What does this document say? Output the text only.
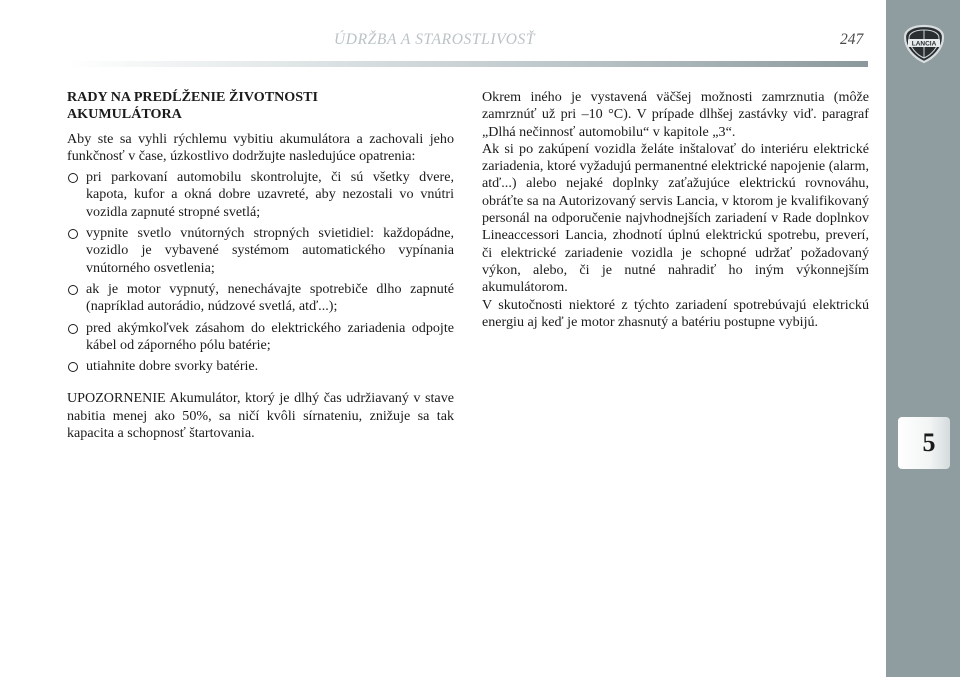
ÚDRŽBA A STAROSTLIVOSŤ	247
RADY NA PREDĹŽENIE ŽIVOTNOSTI
AKUMULÁTORA

Aby ste sa vyhli rýchlemu vybitiu akumulátora a zachovali jeho funkčnosť v čase, úzkostlivo dodržujte nasledujúce opatrenia:

pri parkovaní automobilu skontrolujte, či sú všetky dvere, kapota, kufor a okná dobre uzavreté, aby nezostali vo vnútri vozidla zapnuté stropné svetlá;
vypnite svetlo vnútorných stropných svietidiel: každopádne, vozidlo je vybavené systémom automatického vypínania vnútorného osvetlenia;
ak je motor vypnutý, nenechávajte spotrebiče dlho zapnuté (napríklad autorádio, núdzové svetlá, atď...);
pred akýmkoľvek zásahom do elektrického zariadenia odpojte kábel od záporného pólu batérie;
utiahnite dobre svorky batérie.

UPOZORNENIE Akumulátor, ktorý je dlhý čas udržiavaný v stave nabitia menej ako 50%, sa ničí kvôli sírnateniu, znižuje sa tak kapacita a schopnosť štartovania.

Okrem iného je vystavená väčšej možnosti zamrznutia (môže zamrznúť už pri –10 °C). V prípade dlhšej zastávky viď. paragraf „Dlhá nečinnosť automobilu“ v kapitole „3“.

Ak si po zakúpení vozidla želáte inštalovať do interiéru elektrické zariadenia, ktoré vyžadujú permanentné elektrické napojenie (alarm, atď...) alebo nejaké doplnky zaťažujúce elektrickú rovnováhu, obráťte sa na Autorizovaný servis Lancia, v ktorom je kvalifikovaný personál na odporučenie najvhodnejších zariadení v Rade doplnkov Lineaccessori Lancia, zhodnotí úplnú elektrickú spotrebu, preverí, či elektrické zariadenie vozidla je schopné udržať požadovaný výkon, alebo, či je nutné nahradiť ho iným výkonnejším akumulátorom.

V skutočnosti niektoré z týchto zariadení spotrebúvajú elektrickú energiu aj keď je motor zhasnutý a batériu postupne vybijú.

LANCIA
5
